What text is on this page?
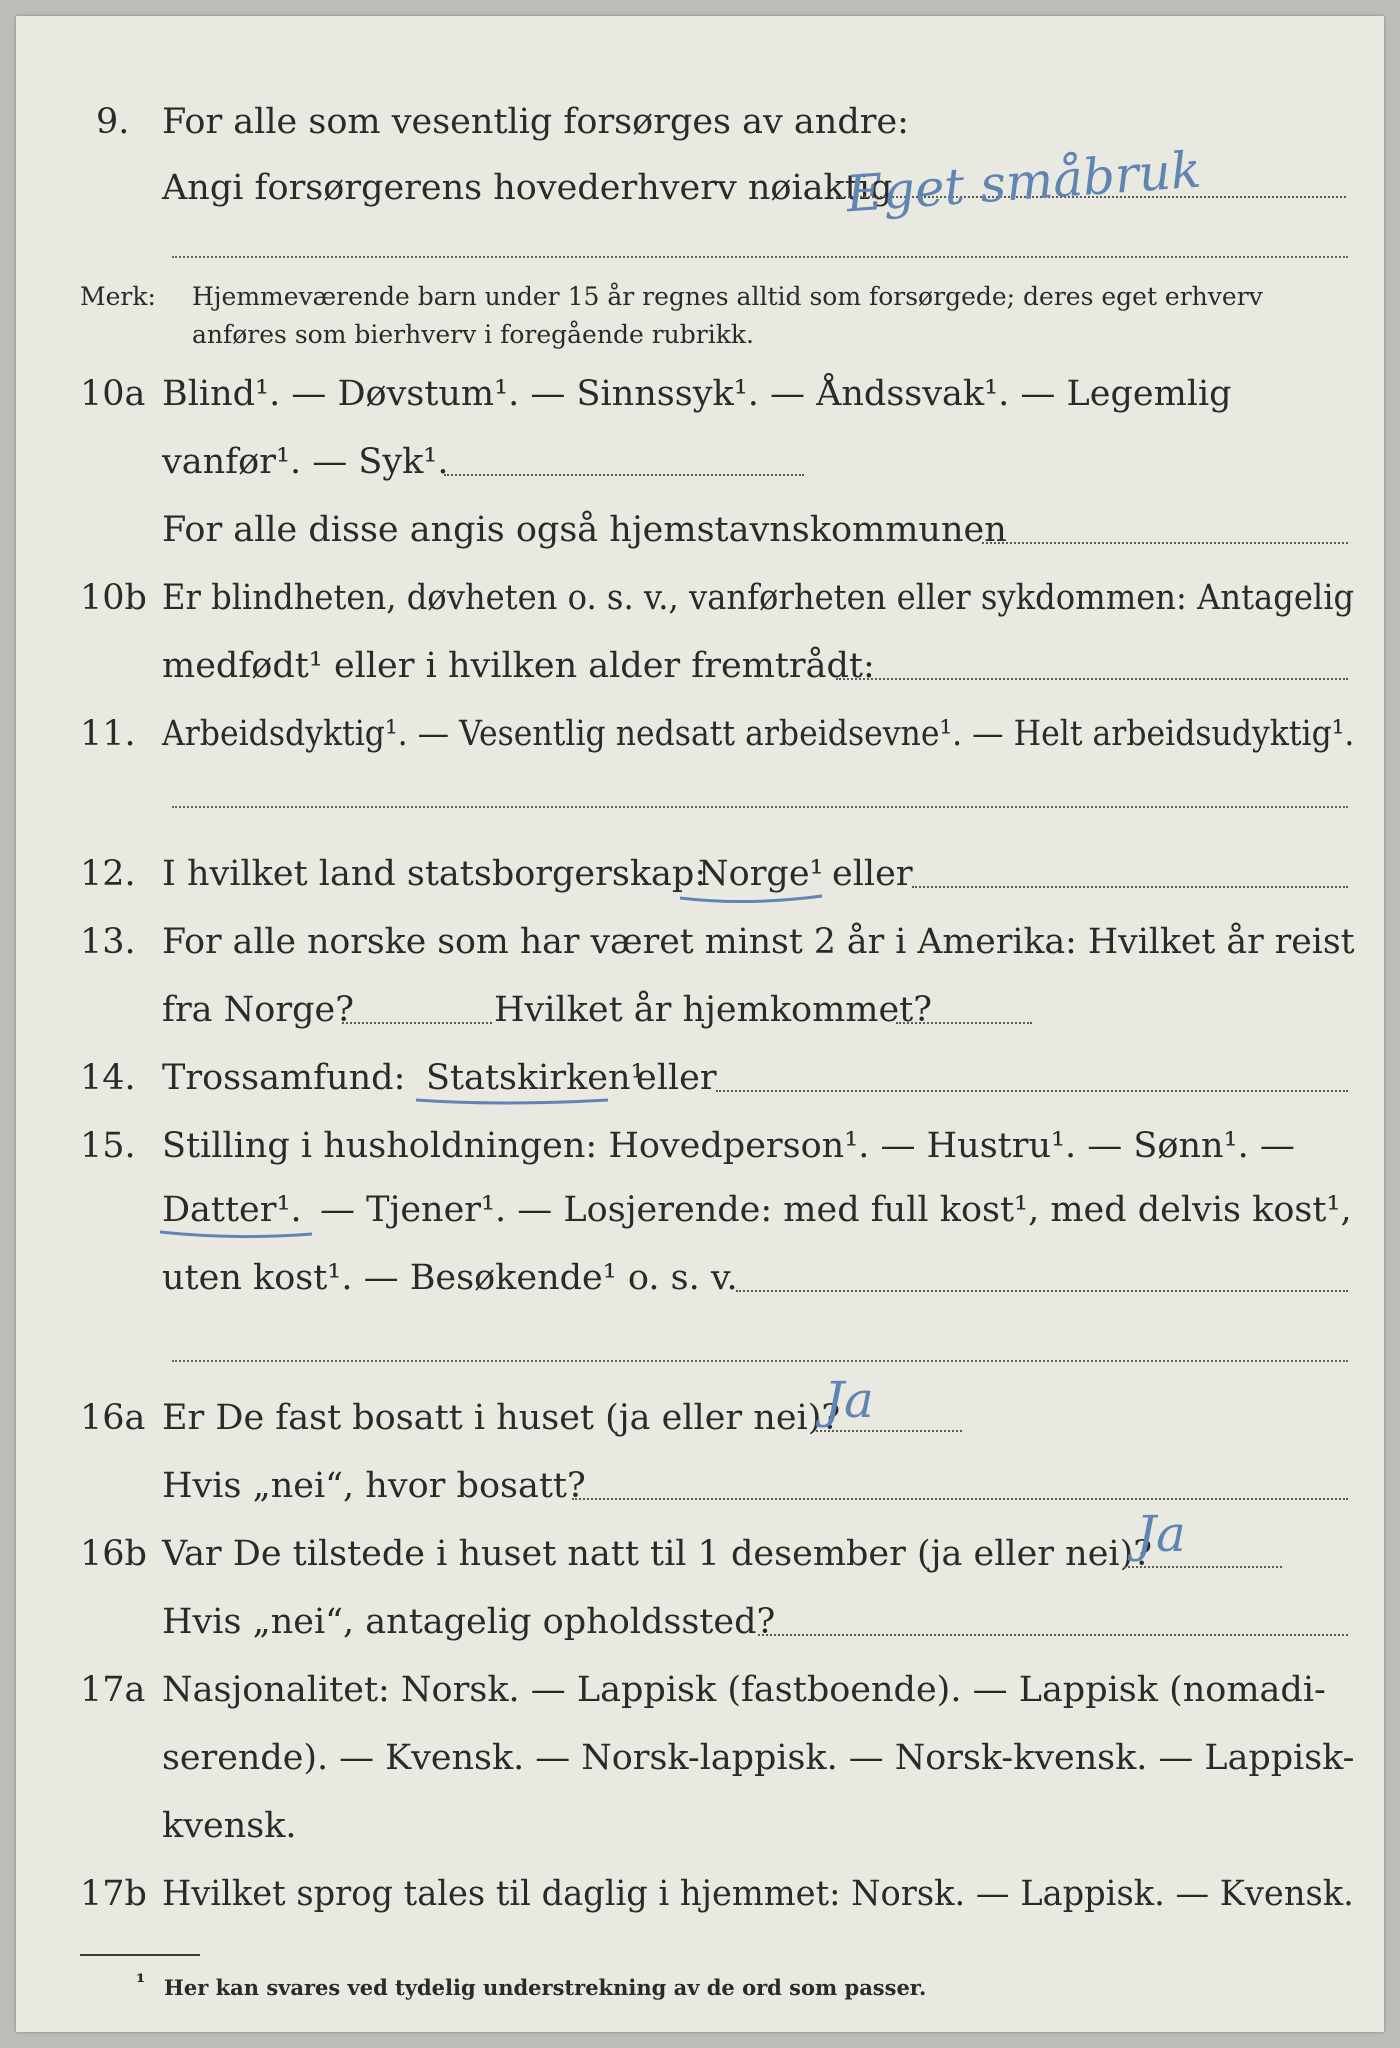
9. For alle som vesentlig forsørges av andre:
Angi forsørgerens hovederhverv nøiaktig
Eget småbruk
Merk: Hjemmeværende barn under 15 år regnes alltid som forsørgede; deres eget erhverv
anføres som bierhverv i foregående rubrikk.
10a Blind¹. — Døvstum¹. — Sinnssyk¹. — Åndssvak¹. — Legemlig
vanfør¹. — Syk¹.
For alle disse angis også hjemstavnskommunen
10b Er blindheten, døvheten o. s. v., vanførheten eller sykdommen: Antagelig
medfødt¹ eller i hvilken alder fremtrådt:
11. Arbeidsdyktig¹. — Vesentlig nedsatt arbeidsevne¹. — Helt arbeidsudyktig¹.
12. I hvilket land statsborgerskap:
Norge¹ eller
13. For alle norske som har været minst 2 år i Amerika: Hvilket år reist
fra Norge?	Hvilket år hjemkommet?
14. Trossamfund: Statskirken¹
eller
15. Stilling i husholdningen: Hovedperson¹. — Hustru¹. — Sønn¹. —
Datter¹. — Tjener¹. — Losjerende: med full kost¹, med delvis kost¹,
uten kost¹. — Besøkende¹ o. s. v.
16a Er De fast bosatt i huset (ja eller nei)?
Ja
Hvis „nei“, hvor bosatt?
16b Var De tilstede i huset natt til 1 desember (ja eller nei)?
Ja
Hvis „nei“, antagelig opholdssted?
17a Nasjonalitet: Norsk. — Lappisk (fastboende). — Lappisk (nomadi-
serende). — Kvensk. — Norsk-lappisk. — Norsk-kvensk. — Lappisk-
kvensk.
17b Hvilket sprog tales til daglig i hjemmet: Norsk. — Lappisk. — Kvensk.
¹ Her kan svares ved tydelig understrekning av de ord som passer.
